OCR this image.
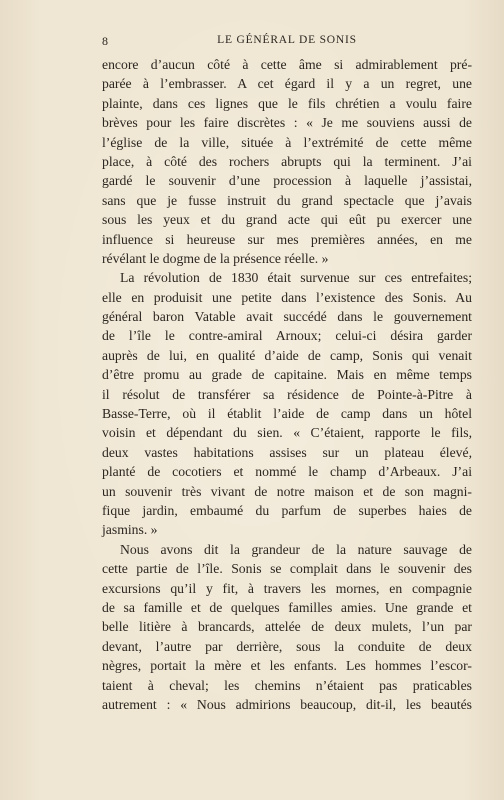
8	LE GÉNÉRAL DE SONIS
encore d’aucun côté à cette âme si admirablement pré-
parée à l’embrasser. A cet égard il y a un regret, une
plainte, dans ces lignes que le fils chrétien a voulu faire
brèves pour les faire discrètes : « Je me souviens aussi de
l’église de la ville, située à l’extrémité de cette même
place, à côté des rochers abrupts qui la terminent. J’ai
gardé le souvenir d’une procession à laquelle j’assistai,
sans que je fusse instruit du grand spectacle que j’avais
sous les yeux et du grand acte qui eût pu exercer une
influence si heureuse sur mes premières années, en me
révélant le dogme de la présence réelle. »
La révolution de 1830 était survenue sur ces entrefaites;
elle en produisit une petite dans l’existence des Sonis. Au
général baron Vatable avait succédé dans le gouvernement
de l’île le contre-amiral Arnoux; celui-ci désira garder
auprès de lui, en qualité d’aide de camp, Sonis qui venait
d’être promu au grade de capitaine. Mais en même temps
il résolut de transférer sa résidence de Pointe-à-Pitre à
Basse-Terre, où il établit l’aide de camp dans un hôtel
voisin et dépendant du sien. « C’étaient, rapporte le fils,
deux vastes habitations assises sur un plateau élevé,
planté de cocotiers et nommé le champ d’Arbeaux. J’ai
un souvenir très vivant de notre maison et de son magni-
fique jardin, embaumé du parfum de superbes haies de
jasmins. »
Nous avons dit la grandeur de la nature sauvage de
cette partie de l’île. Sonis se complait dans le souvenir des
excursions qu’il y fit, à travers les mornes, en compagnie
de sa famille et de quelques familles amies. Une grande et
belle litière à brancards, attelée de deux mulets, l’un par
devant, l’autre par derrière, sous la conduite de deux
nègres, portait la mère et les enfants. Les hommes l’escor-
taient à cheval; les chemins n’étaient pas praticables
autrement : « Nous admirions beaucoup, dit-il, les beautés
